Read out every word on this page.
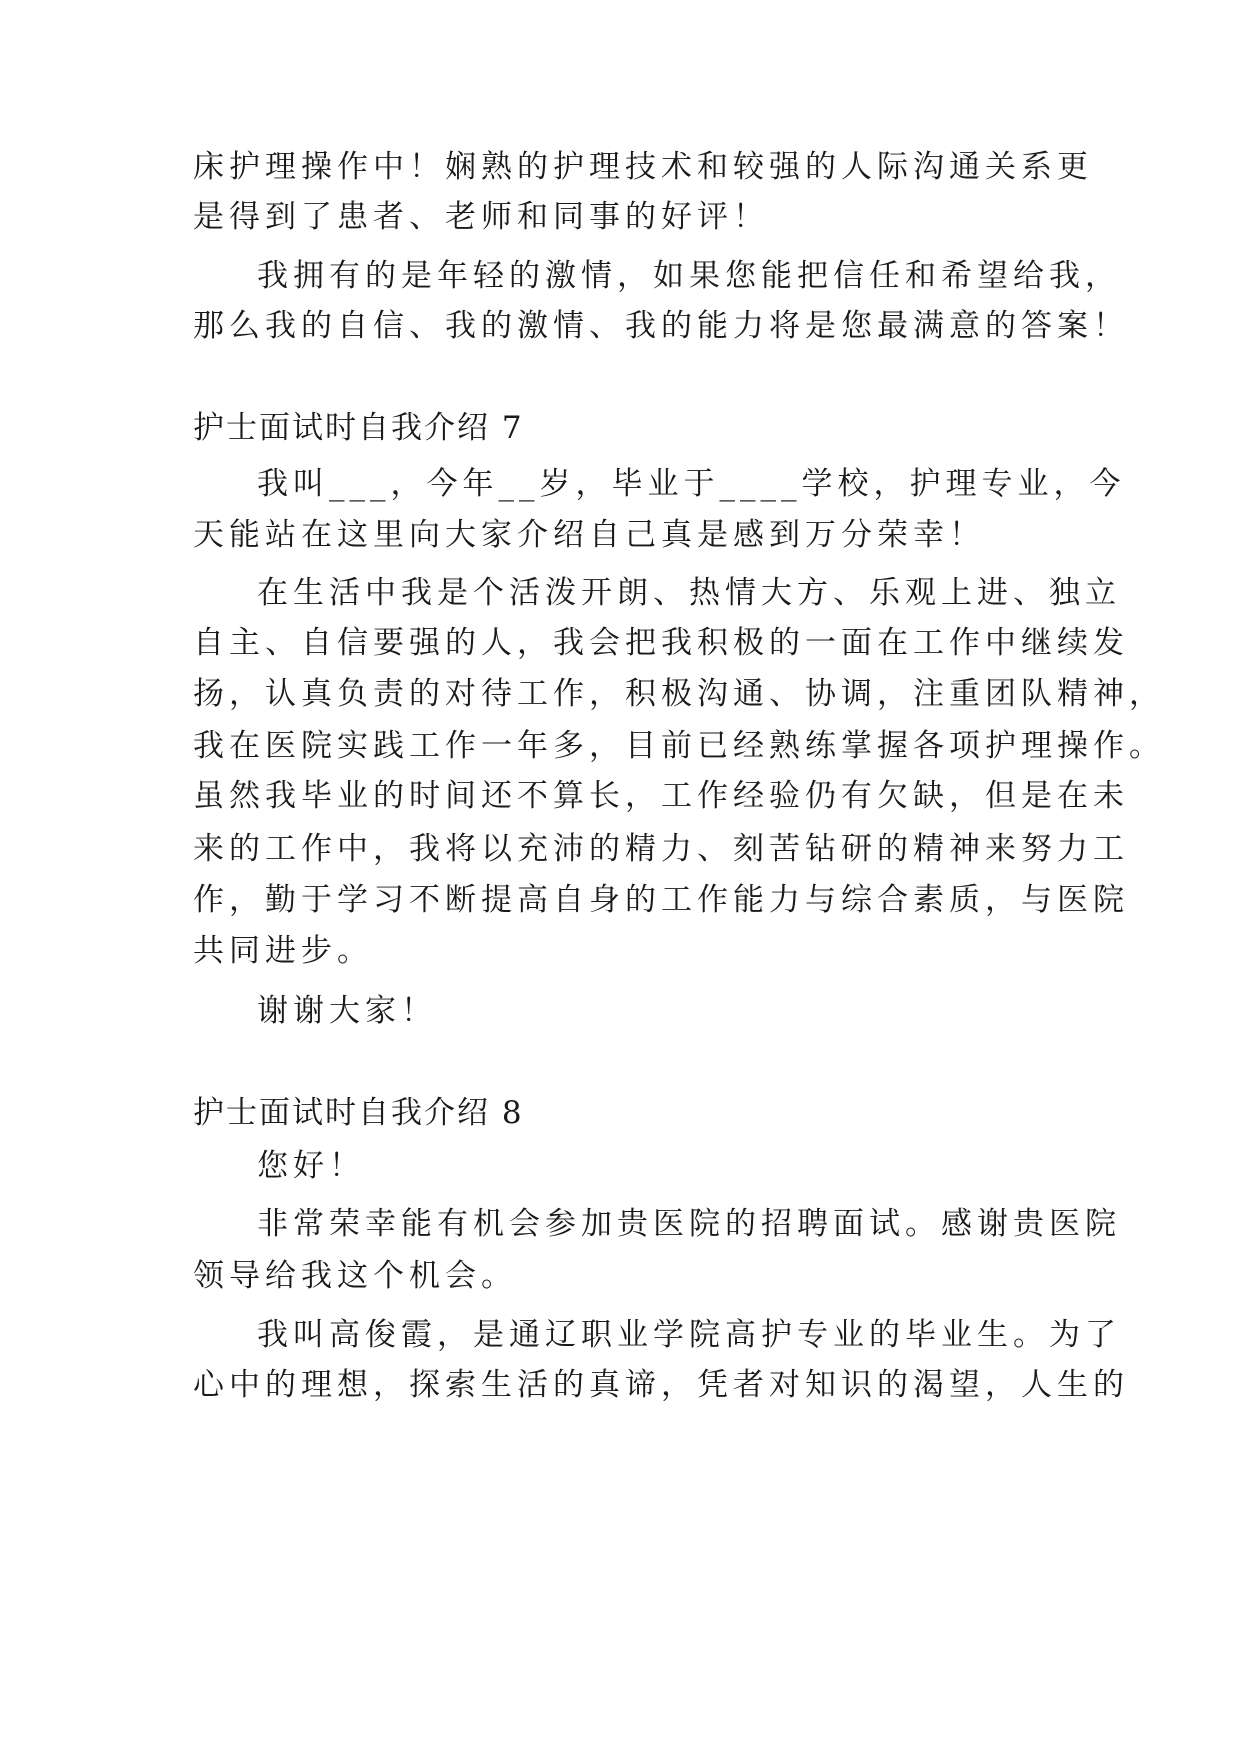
床护理操作中！娴熟的护理技术和较强的人际沟通关系更
是得到了患者、老师和同事的好评！
我拥有的是年轻的激情，如果您能把信任和希望给我，
那么我的自信、我的激情、我的能力将是您最满意的答案！
护士面试时自我介绍 7
我叫___，今年__岁，毕业于____学校，护理专业，今
天能站在这里向大家介绍自己真是感到万分荣幸！
在生活中我是个活泼开朗、热情大方、乐观上进、独立
自主、自信要强的人，我会把我积极的一面在工作中继续发
扬，认真负责的对待工作，积极沟通、协调，注重团队精神，
我在医院实践工作一年多，目前已经熟练掌握各项护理操作。
虽然我毕业的时间还不算长，工作经验仍有欠缺，但是在未
来的工作中，我将以充沛的精力、刻苦钻研的精神来努力工
作，勤于学习不断提高自身的工作能力与综合素质，与医院
共同进步。
谢谢大家！
护士面试时自我介绍 8
您好！
非常荣幸能有机会参加贵医院的招聘面试。感谢贵医院
领导给我这个机会。
我叫高俊霞，是通辽职业学院高护专业的毕业生。为了
心中的理想，探索生活的真谛，凭者对知识的渴望，人生的
